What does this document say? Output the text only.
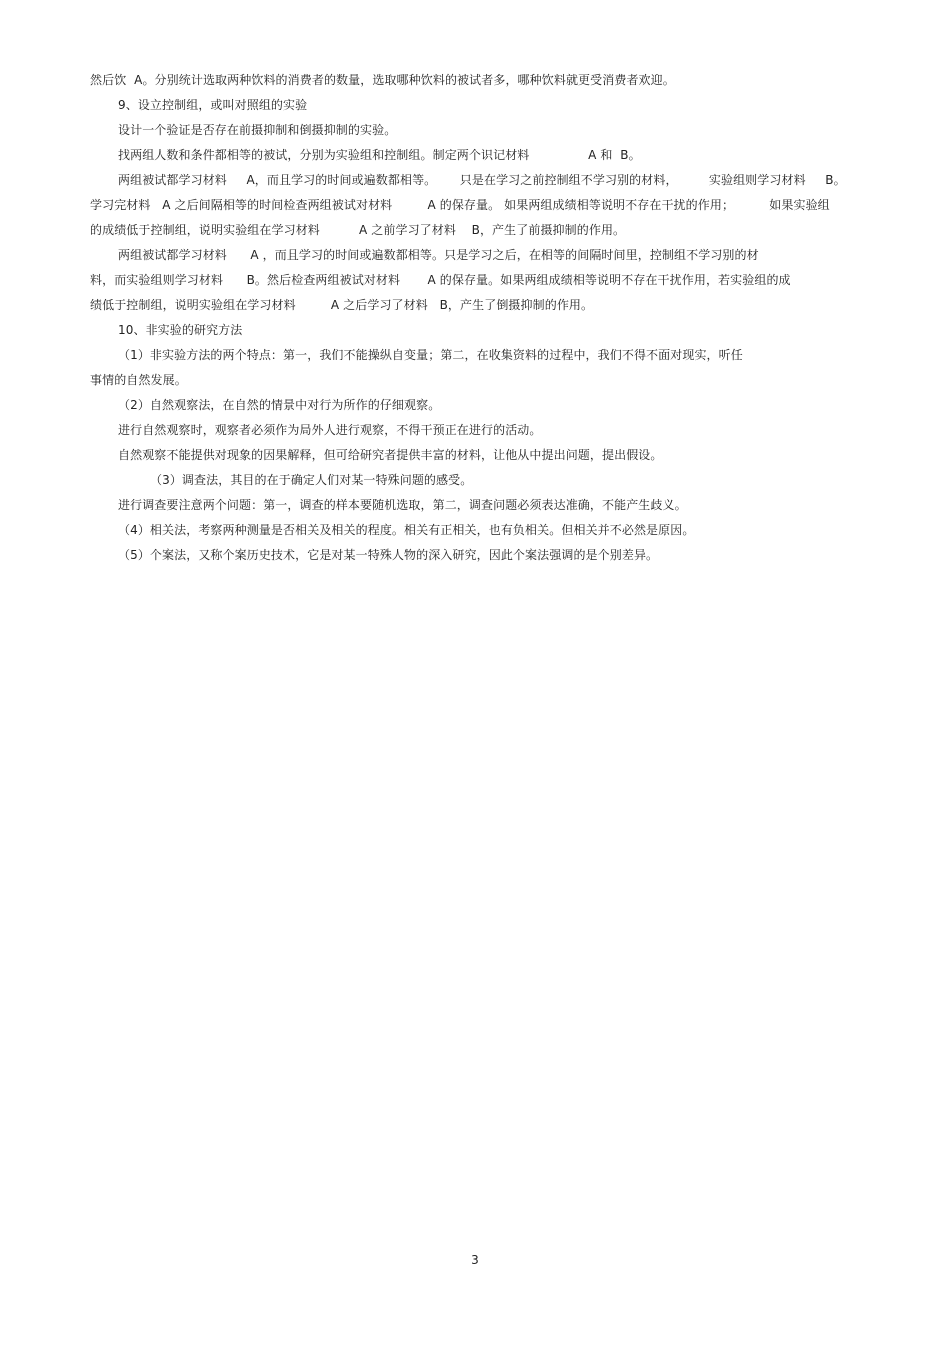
然后饮  A。分别统计选取两种饮料的消费者的数量，选取哪种饮料的被试者多，哪种饮料就更受消费者欢迎。
9、设立控制组，或叫对照组的实验
设计一个验证是否存在前摄抑制和倒摄抑制的实验。
找两组人数和条件都相等的被试，分别为实验组和控制组。制定两个识记材料               A 和  B。
两组被试都学习材料     A，而且学习的时间或遍数都相等。      只是在学习之前控制组不学习别的材料，        实验组则学习材料     B。
学习完材料   A 之后间隔相等的时间检查两组被试对材料         A 的保存量。 如果两组成绩相等说明不存在干扰的作用；         如果实验组
的成绩低于控制组，说明实验组在学习材料          A 之前学习了材料    B，产生了前摄抑制的作用。
两组被试都学习材料      A ，而且学习的时间或遍数都相等。只是学习之后，在相等的间隔时间里，控制组不学习别的材
料，而实验组则学习材料      B。然后检查两组被试对材料       A 的保存量。如果两组成绩相等说明不存在干扰作用，若实验组的成
绩低于控制组，说明实验组在学习材料         A 之后学习了材料   B，产生了倒摄抑制的作用。
10、非实验的研究方法
（1）非实验方法的两个特点：第一，我们不能操纵自变量；第二，在收集资料的过程中，我们不得不面对现实，听任
事情的自然发展。
（2）自然观察法，在自然的情景中对行为所作的仔细观察。
进行自然观察时，观察者必须作为局外人进行观察，不得干预正在进行的活动。
自然观察不能提供对现象的因果解释，但可给研究者提供丰富的材料，让他从中提出问题，提出假设。
（3）调查法，其目的在于确定人们对某一特殊问题的感受。
进行调查要注意两个问题：第一，调查的样本要随机选取，第二，调查问题必须表达准确，不能产生歧义。
（4）相关法，考察两种测量是否相关及相关的程度。相关有正相关，也有负相关。但相关并不必然是原因。
（5）个案法，又称个案历史技术，它是对某一特殊人物的深入研究，因此个案法强调的是个别差异。
3
